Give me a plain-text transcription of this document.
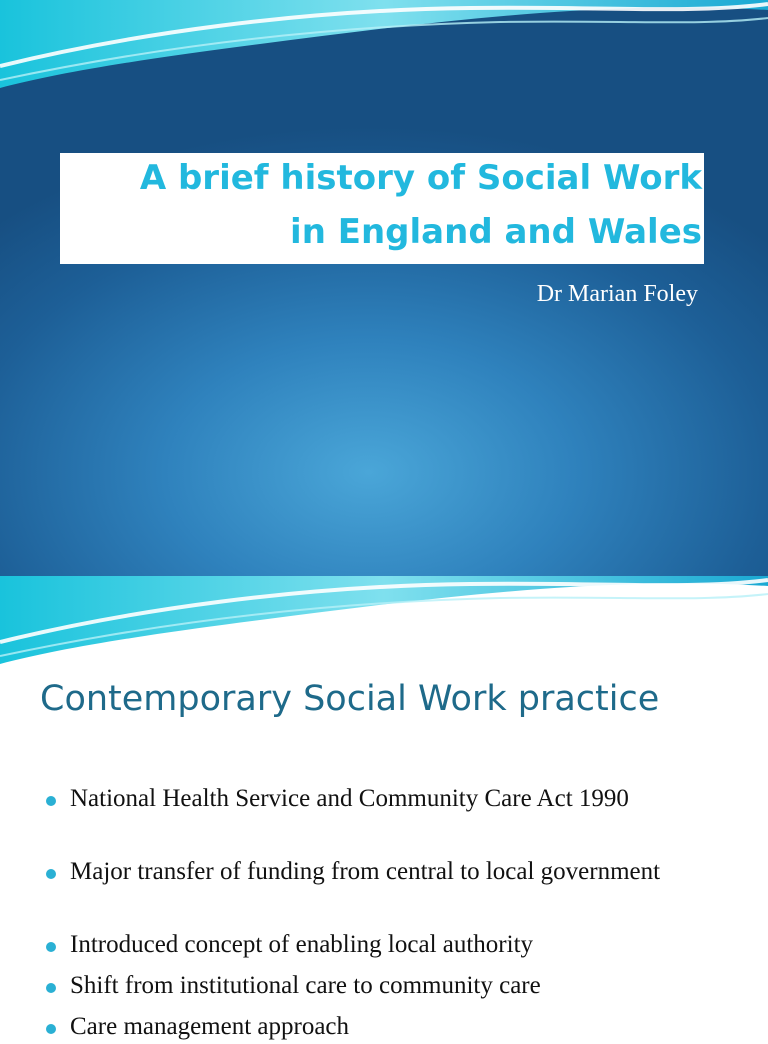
A brief history of Social Work
in England and Wales
Dr Marian Foley
Contemporary Social Work practice
National Health Service and Community Care Act 1990
Major transfer of funding from central to local government
Introduced concept of enabling local authority
Shift from institutional care to community care
Care management approach
